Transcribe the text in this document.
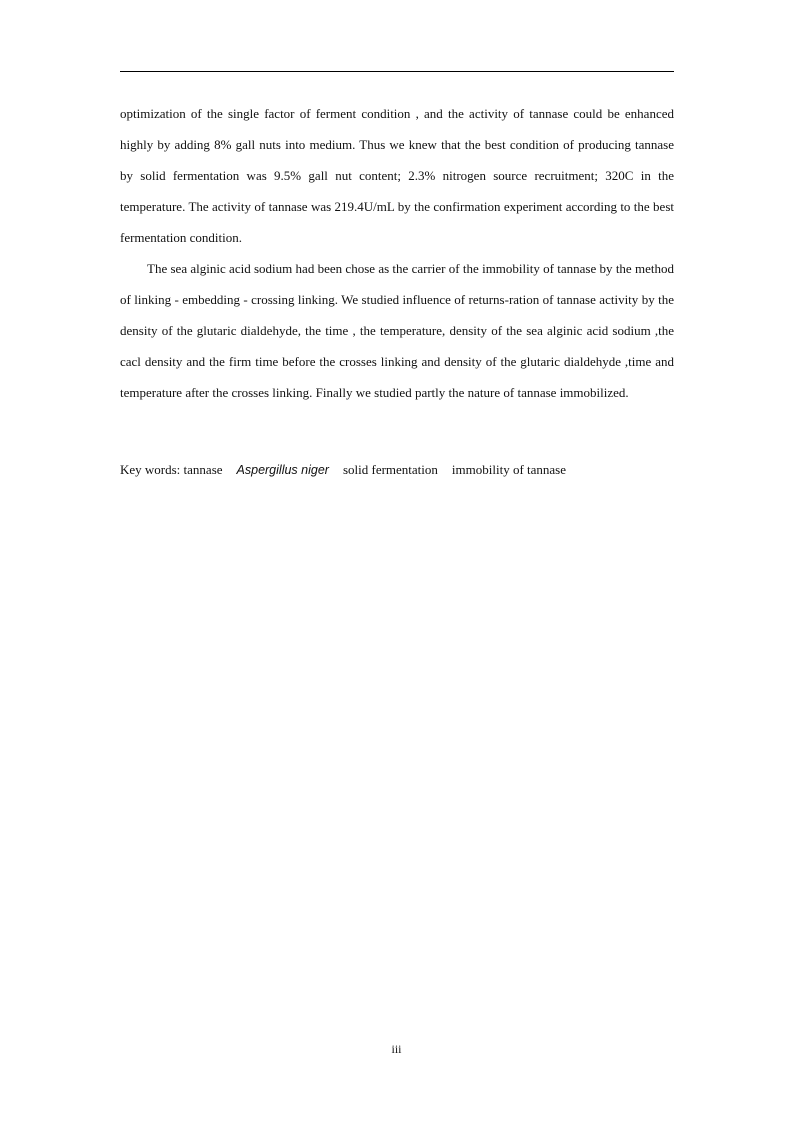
optimization of the single factor of ferment condition , and the activity of tannase could be enhanced highly by adding 8% gall nuts into medium. Thus we knew that the best condition of producing tannase by solid fermentation was 9.5% gall nut content; 2.3% nitrogen source recruitment; 320C in the temperature. The activity of tannase was 219.4U/mL by the confirmation experiment according to the best fermentation condition.

The sea alginic acid sodium had been chose as the carrier of the immobility of tannase by the method of linking - embedding - crossing linking. We studied influence of returns-ration of tannase activity by the density of the glutaric dialdehyde, the time , the temperature, density of the sea alginic acid sodium ,the cacl density and the firm time before the crosses linking and density of the glutaric dialdehyde ,time and temperature after the crosses linking. Finally we studied partly the nature of tannase immobilized.

Key words: tannase Aspergillus niger solid fermentation immobility of tannase
iii
